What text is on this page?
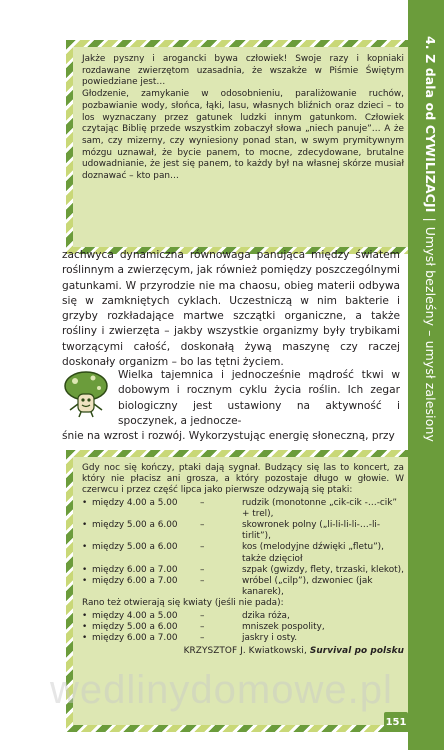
Jakże pyszny i arogancki bywa człowiek! Swoje razy i kopniaki rozdawane zwierzętom uzasadnia, że wszakże w Piśmie Świętym powiedziane jest…
Głodzenie, zamykanie w odosobnieniu, paraliżowanie ruchów, pozbawianie wody, słońca, łąki, lasu, własnych bliźnich oraz dzieci – to los wyznaczany przez gatunek ludzki innym gatunkom. Człowiek czytając Biblię przede wszystkim zobaczył słowa „niech panuje”… A że sam, czy mizerny, czy wyniesiony ponad stan, w swym prymitywnym mózgu uznawał, że bycie panem, to mocne, zdecydowane, brutalne udowadnianie, że jest się panem, to każdy był na własnej skórze musiał doznawać – kto pan…

zachwyca dynamiczna równowaga panująca między światem roślinnym a zwierzęcym, jak również pomiędzy poszczególnymi gatunkami. W przyrodzie nie ma chaosu, obieg materii odbywa się w zamkniętych cyklach. Uczestniczą w nim bakterie i grzyby rozkładające martwe szczątki organiczne, a także rośliny i zwierzęta – jakby wszystkie organizmy były trybikami tworzącymi całość, doskonałą żywą maszynę czy raczej doskonały organizm – bo las tętni życiem.

Wielka tajemnica i jednocześnie mądrość tkwi w dobowym i rocznym cyklu życia roślin. Ich zegar biologiczny jest ustawiony na aktywność i spoczynek, a jednocze-
śnie na wzrost i rozwój. Wykorzystując energię słoneczną, przy

Gdy noc się kończy, ptaki dają sygnał. Budzący się las to koncert, za który nie płacisz ani grosza, a który pozostaje długo w głowie. W czerwcu i przez część lipca jako pierwsze odzywają się ptaki:

•	między 4.00 a 5.00	–	rudzik (monotonne „cik-cik -…-cik” + trel),
•	między 5.00 a 6.00	–	skowronek polny („li-li-li-li-…-li-tirlit”),
•	między 5.00 a 6.00	–	kos (melodyjne dźwięki „fletu”), także dzięcioł
•	między 6.00 a 7.00	–	szpak (gwizdy, flety, trzaski, klekot),
•	między 6.00 a 7.00	–	wróbel („cilp”), dzwoniec (jak kanarek),

Rano też otwierają się kwiaty (jeśli nie pada):

•	między 4.00 a 5.00	–	dzika róża,
•	między 5.00 a 6.00	–	mniszek pospolity,
•	między 6.00 a 7.00	–	jaskry i osty.
KRZYSZTOF J. Kwiatkowski, Survival po polsku
wedlinydomowe.pl
4. Z dala od CYWILIZACJI|Umysł bezleśny – umysł zalesiony
151
